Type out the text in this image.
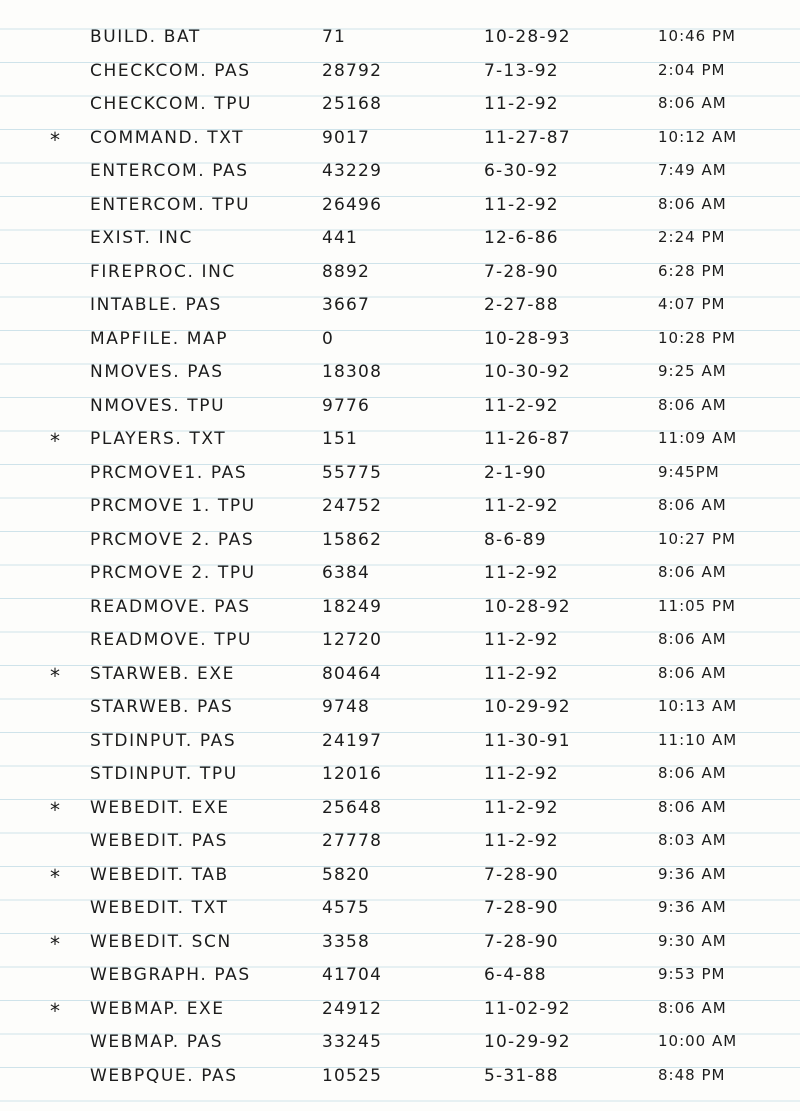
BUILD. BAT	71	10-28-92	10:46 PM
CHECKCOM. PAS	28792	7-13-92	2:04 PM
CHECKCOM. TPU	25168	11-2-92	8:06 AM
* COMMAND. TXT	9017	11-27-87	10:12 AM
ENTERCOM. PAS	43229	6-30-92	7:49 AM
ENTERCOM. TPU	26496	11-2-92	8:06 AM
EXIST. INC	441	12-6-86	2:24 PM
FIREPROC. INC	8892	7-28-90	6:28 PM
INTABLE. PAS	3667	2-27-88	4:07 PM
MAPFILE. MAP	0	10-28-93	10:28 PM
NMOVES. PAS	18308	10-30-92	9:25 AM
NMOVES. TPU	9776	11-2-92	8:06 AM
* PLAYERS. TXT	151	11-26-87	11:09 AM
PRCMOVE1. PAS	55775	2-1-90	9:45PM
PRCMOVE 1. TPU	24752	11-2-92	8:06 AM
PRCMOVE 2. PAS	15862	8-6-89	10:27 PM
PRCMOVE 2. TPU	6384	11-2-92	8:06 AM
READMOVE. PAS	18249	10-28-92	11:05 PM
READMOVE. TPU	12720	11-2-92	8:06 AM
* STARWEB. EXE	80464	11-2-92	8:06 AM
STARWEB. PAS	9748	10-29-92	10:13 AM
STDINPUT. PAS	24197	11-30-91	11:10 AM
STDINPUT. TPU	12016	11-2-92	8:06 AM
* WEBEDIT. EXE	25648	11-2-92	8:06 AM
WEBEDIT. PAS	27778	11-2-92	8:03 AM
* WEBEDIT. TAB	5820	7-28-90	9:36 AM
WEBEDIT. TXT	4575	7-28-90	9:36 AM
* WEBEDIT. SCN	3358	7-28-90	9:30 AM
WEBGRAPH. PAS	41704	6-4-88	9:53 PM
* WEBMAP. EXE	24912	11-02-92	8:06 AM
WEBMAP. PAS	33245	10-29-92	10:00 AM
WEBPQUE. PAS	10525	5-31-88	8:48 PM
